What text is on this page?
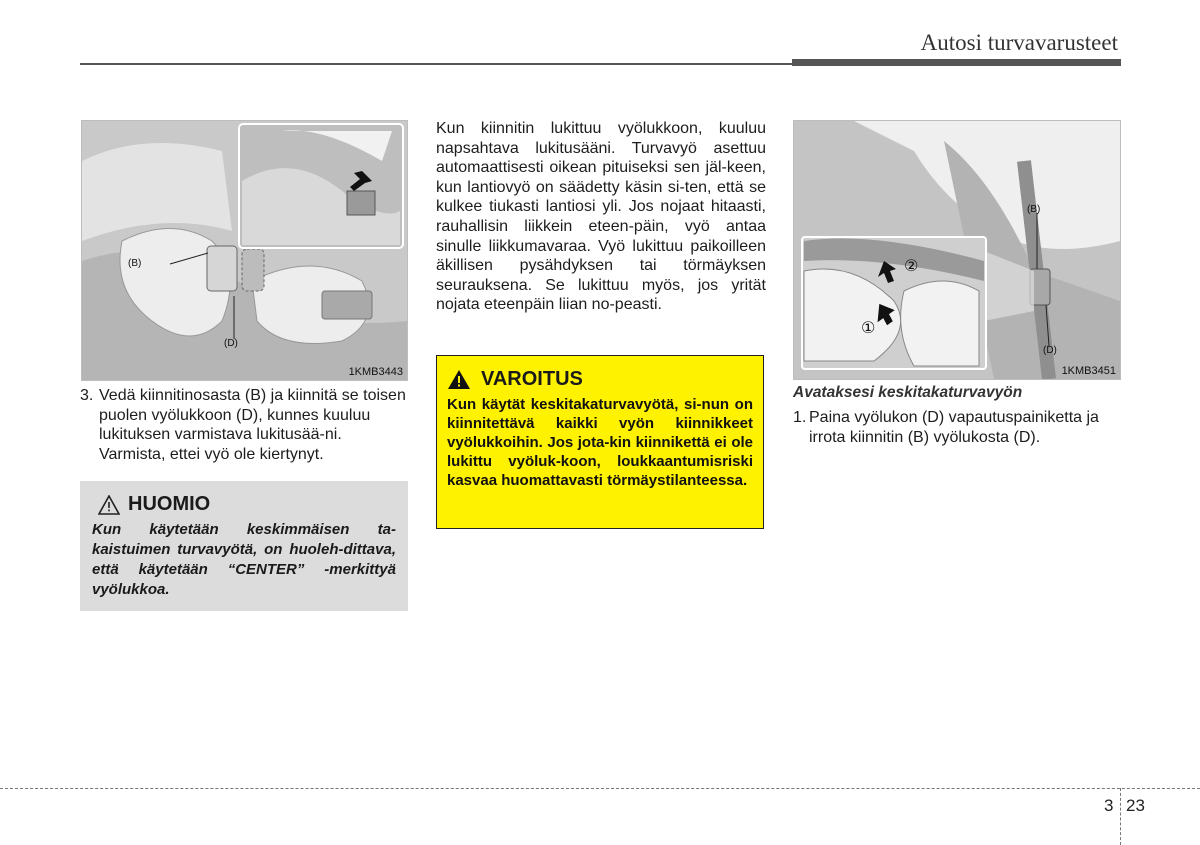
Autosi turvavarusteet
(B)
(D)
1KMB3443
3. Vedä kiinnitinosasta (B) ja kiinnitä se toisen puolen vyölukkoon (D), kunnes kuuluu lukituksen varmistava lukitusää-ni. Varmista, ettei vyö ole kiertynyt.
HUOMIO
Kun käytetään keskimmäisen ta-kaistuimen turvavyötä, on huoleh-dittava, että käytetään “CENTER” -merkittyä vyölukkoa.
Kun kiinnitin lukittuu vyölukkoon, kuuluu napsahtava lukitusääni. Turvavyö asettuu automaattisesti oikean pituiseksi sen jäl-keen, kun lantiovyö on säädetty käsin si-ten, että se kulkee tiukasti lantiosi yli. Jos nojaat hitaasti, rauhallisin liikkein eteen-päin, vyö antaa sinulle liikkumavaraa. Vyö lukittuu paikoilleen äkillisen pysähdyksen tai törmäyksen seurauksena. Se lukittuu myös, jos yrität nojata eteenpäin liian no-peasti.
VAROITUS
Kun käytät keskitakaturvavyötä, si-nun on kiinnitettävä kaikki vyön kiinnikkeet vyölukkoihin. Jos jota-kin kiinnikettä ei ole lukittu vyöluk-koon, loukkaantumisriski kasvaa huomattavasti törmäystilanteessa.
②
①
(B)
(D)
1KMB3451
Avataksesi keskitakaturvavyön
1. Paina vyölukon (D) vapautuspainiketta ja irrota kiinnitin (B) vyölukosta (D).
3 23
